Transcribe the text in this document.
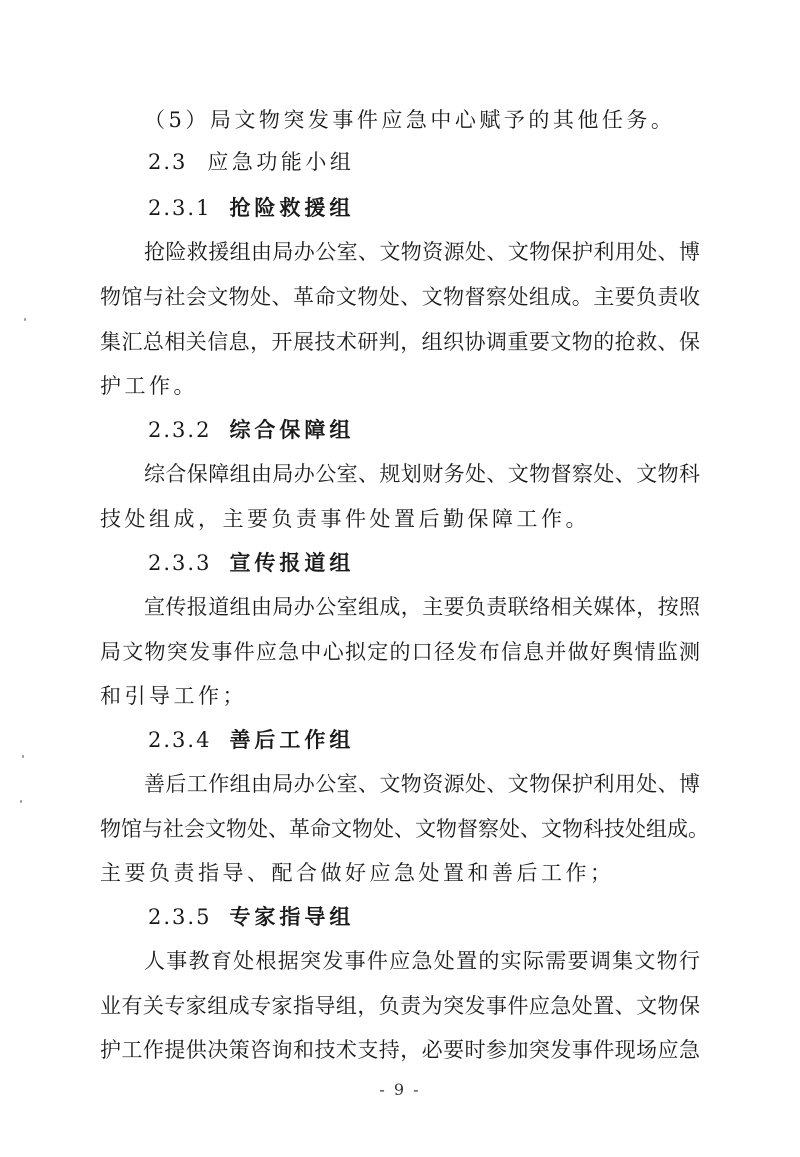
（5）局文物突发事件应急中心赋予的其他任务。
2.3 应急功能小组
2.3.1 抢险救援组
抢险救援组由局办公室、文物资源处、文物保护利用处、博
物馆与社会文物处、革命文物处、文物督察处组成。主要负责收
集汇总相关信息，开展技术研判，组织协调重要文物的抢救、保
护工作。
2.3.2 综合保障组
综合保障组由局办公室、规划财务处、文物督察处、文物科
技处组成，主要负责事件处置后勤保障工作。
2.3.3 宣传报道组
宣传报道组由局办公室组成，主要负责联络相关媒体，按照
局文物突发事件应急中心拟定的口径发布信息并做好舆情监测
和引导工作；
2.3.4 善后工作组
善后工作组由局办公室、文物资源处、文物保护利用处、博
物馆与社会文物处、革命文物处、文物督察处、文物科技处组成。
主要负责指导、配合做好应急处置和善后工作；
2.3.5 专家指导组
人事教育处根据突发事件应急处置的实际需要调集文物行
业有关专家组成专家指导组，负责为突发事件应急处置、文物保
护工作提供决策咨询和技术支持，必要时参加突发事件现场应急
- 9 -
